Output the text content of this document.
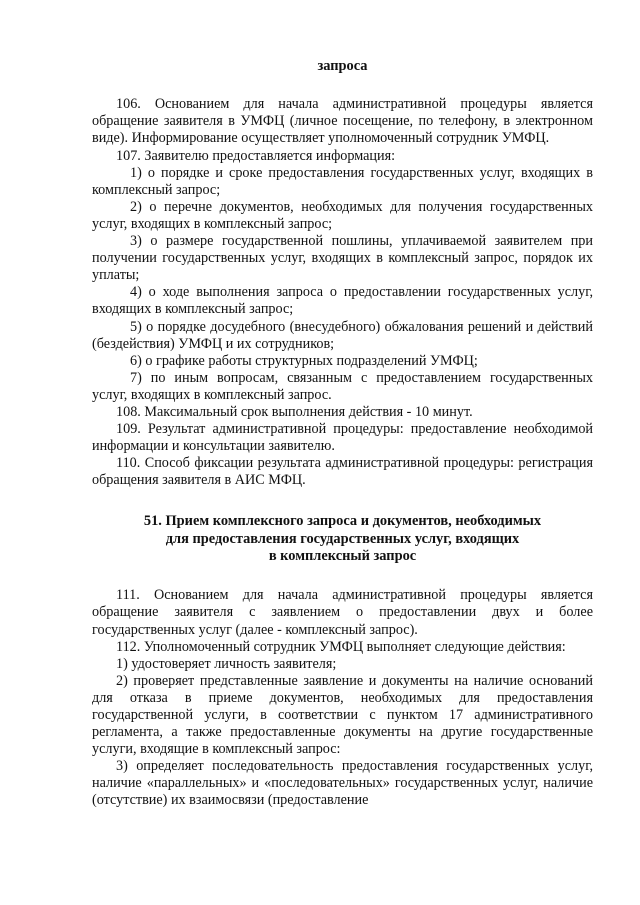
запроса

106. Основанием для начала административной процедуры является обращение заявителя в УМФЦ (личное посещение, по телефону, в электронном виде). Информирование осуществляет уполномоченный сотрудник УМФЦ.

107. Заявителю предоставляется информация:

1) о порядке и сроке предоставления государственных услуг, входящих в комплексный запрос;

2) о перечне документов, необходимых для получения государственных услуг, входящих в комплексный запрос;

3) о размере государственной пошлины, уплачиваемой заявителем при получении государственных услуг, входящих в комплексный запрос, порядок их уплаты;

4) о ходе выполнения запроса о предоставлении государственных услуг, входящих в комплексный запрос;

5) о порядке досудебного (внесудебного) обжалования решений и действий (бездействия) УМФЦ и их сотрудников;

6) о графике работы структурных подразделений УМФЦ;

7) по иным вопросам, связанным с предоставлением государственных услуг, входящих в комплексный запрос.

108. Максимальный срок выполнения действия - 10 минут.

109. Результат административной процедуры: предоставление необходимой информации и консультации заявителю.

110. Способ фиксации результата административной процедуры: регистрация обращения заявителя в АИС МФЦ.

51. Прием комплексного запроса и документов, необходимых

для предоставления государственных услуг, входящих

в комплексный запрос

111. Основанием для начала административной процедуры является обращение заявителя с заявлением о предоставлении двух и более государственных услуг (далее - комплексный запрос).

112. Уполномоченный сотрудник УМФЦ выполняет следующие действия:

1) удостоверяет личность заявителя;

2) проверяет представленные заявление и документы на наличие оснований для отказа в приеме документов, необходимых для предоставления государственной услуги, в соответствии с пунктом 17 административного регламента, а также предоставленные документы на другие государственные услуги, входящие в комплексный запрос:

3) определяет последовательность предоставления государственных услуг, наличие «параллельных» и «последовательных» государственных услуг, наличие (отсутствие) их взаимосвязи (предоставление
